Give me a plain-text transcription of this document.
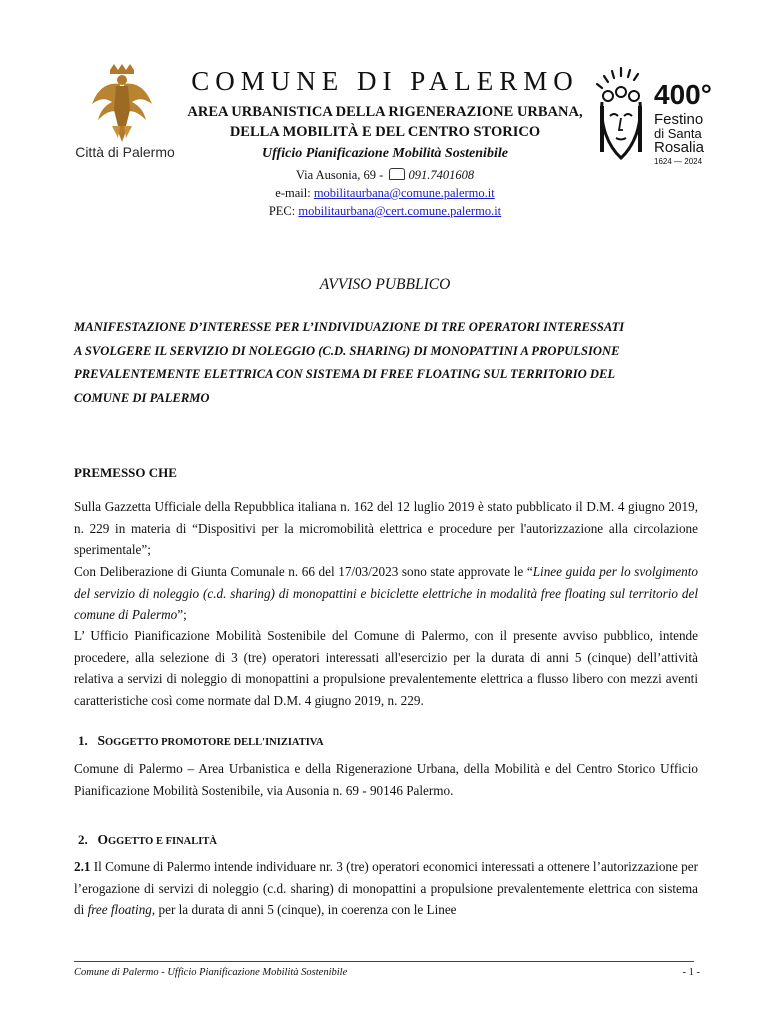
Città di Palermo
400°
Festino
di Santa
Rosalia
1624 — 2024
COMUNE DI PALERMO
AREA URBANISTICA DELLA RIGENERAZIONE URBANA,
DELLA MOBILITÀ E DEL CENTRO STORICO
Ufficio Pianificazione Mobilità Sostenibile
Via Ausonia, 69 - 091.7401608
e-mail: mobilitaurbana@comune.palermo.it
PEC: mobilitaurbana@cert.comune.palermo.it
AVVISO PUBBLICO
MANIFESTAZIONE D’INTERESSE PER L’INDIVIDUAZIONE DI TRE OPERATORI INTERESSATI
A SVOLGERE IL SERVIZIO DI NOLEGGIO (C.D. SHARING) DI MONOPATTINI A PROPULSIONE
PREVALENTEMENTE ELETTRICA CON SISTEMA DI FREE FLOATING SUL TERRITORIO DEL
COMUNE DI PALERMO
PREMESSO CHE
Sulla Gazzetta Ufficiale della Repubblica italiana n. 162 del 12 luglio 2019 è stato pubblicato il D.M. 4 giugno 2019, n. 229 in materia di “Dispositivi per la micromobilità elettrica e procedure per l'autorizzazione alla circolazione sperimentale”;
Con Deliberazione di Giunta Comunale n. 66 del 17/03/2023 sono state approvate le “Linee guida per lo svolgimento del servizio di noleggio (c.d. sharing) di monopattini e biciclette elettriche in modalità free floating sul territorio del comune di Palermo”;
L’ Ufficio Pianificazione Mobilità Sostenibile del Comune di Palermo, con il presente avviso pubblico, intende procedere, alla selezione di 3 (tre) operatori interessati all'esercizio per la durata di anni 5 (cinque) dell’attività relativa a servizi di noleggio di monopattini a propulsione prevalentemente elettrica a flusso libero con mezzi aventi caratteristiche così come normate dal D.M. 4 giugno 2019, n. 229.
1. SOGGETTO PROMOTORE DELL'INIZIATIVA
Comune di Palermo – Area Urbanistica e della Rigenerazione Urbana, della Mobilità e del Centro Storico Ufficio Pianificazione Mobilità Sostenibile, via Ausonia n. 69 - 90146 Palermo.
2. OGGETTO E FINALITÀ
2.1 Il Comune di Palermo intende individuare nr. 3 (tre) operatori economici interessati a ottenere l’autorizzazione per l’erogazione di servizi di noleggio (c.d. sharing) di monopattini a propulsione prevalentemente elettrica con sistema di free floating, per la durata di anni 5 (cinque), in coerenza con le Linee
Comune di Palermo - Ufficio Pianificazione Mobilità Sostenibile	- 1 -
